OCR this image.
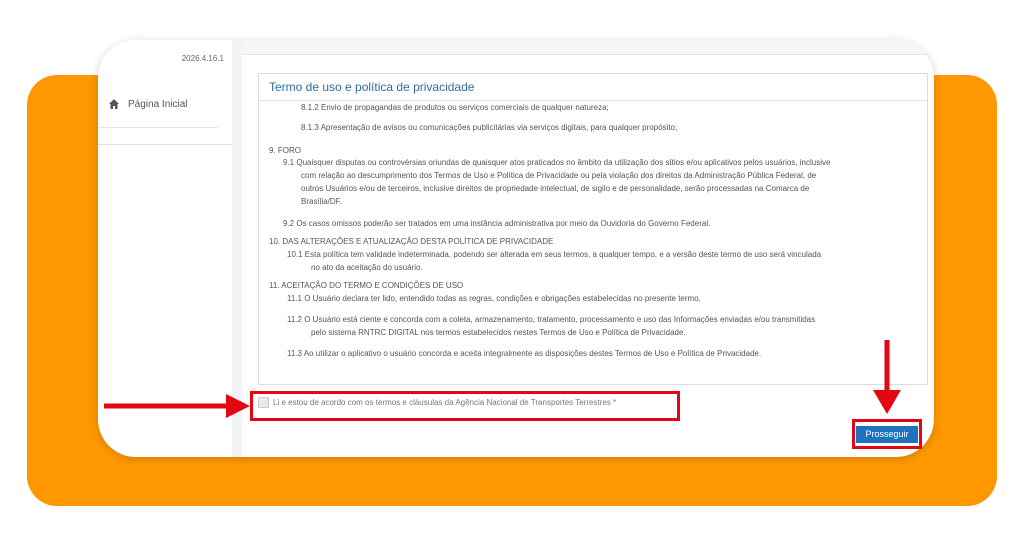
2026.4.16.1
Página Inicial
Termo de uso e política de privacidade
8.1.2 Envio de propagandas de produtos ou serviços comerciais de qualquer natureza;
8.1.3 Apresentação de avisos ou comunicações publicitárias via serviços digitais, para qualquer propósito;
9. FORO
9.1 Quaisquer disputas ou controvérsias oriundas de quaisquer atos praticados no âmbito da utilização dos sítios e/ou aplicativos pelos usuários, inclusive
com relação ao descumprimento dos Termos de Uso e Política de Privacidade ou pela violação dos direitos da Administração Pública Federal, de
outros Usuários e/ou de terceiros, inclusive direitos de propriedade intelectual, de sigilo e de personalidade, serão processadas na Comarca de
Brasília/DF.
9.2 Os casos omissos poderão ser tratados em uma instância administrativa por meio da Ouvidoria do Governo Federal.
10. DAS ALTERAÇÕES E ATUALIZAÇÃO DESTA POLÍTICA DE PRIVACIDADE
10.1 Esta política tem validade indeterminada, podendo ser alterada em seus termos, a qualquer tempo, e a versão deste termo de uso será vinculada
no ato da aceitação do usuário.
11. ACEITAÇÃO DO TERMO E CONDIÇÕES DE USO
11.1 O Usuário declara ter lido, entendido todas as regras, condições e obrigações estabelecidas no presente termo.
11.2 O Usuário está ciente e concorda com a coleta, armazenamento, tratamento, processamento e uso das Informações enviadas e/ou transmitidas
pelo sistema RNTRC DIGITAL nos termos estabelecidos nestes Termos de Uso e Política de Privacidade.
11.3 Ao utilizar o aplicativo o usuário concorda e aceita integralmente as disposições destes Termos de Uso e Política de Privacidade.
Li e estou de acordo com os termos e cláusulas da Agência Nacional de Transportes Terrestres *
Prosseguir
